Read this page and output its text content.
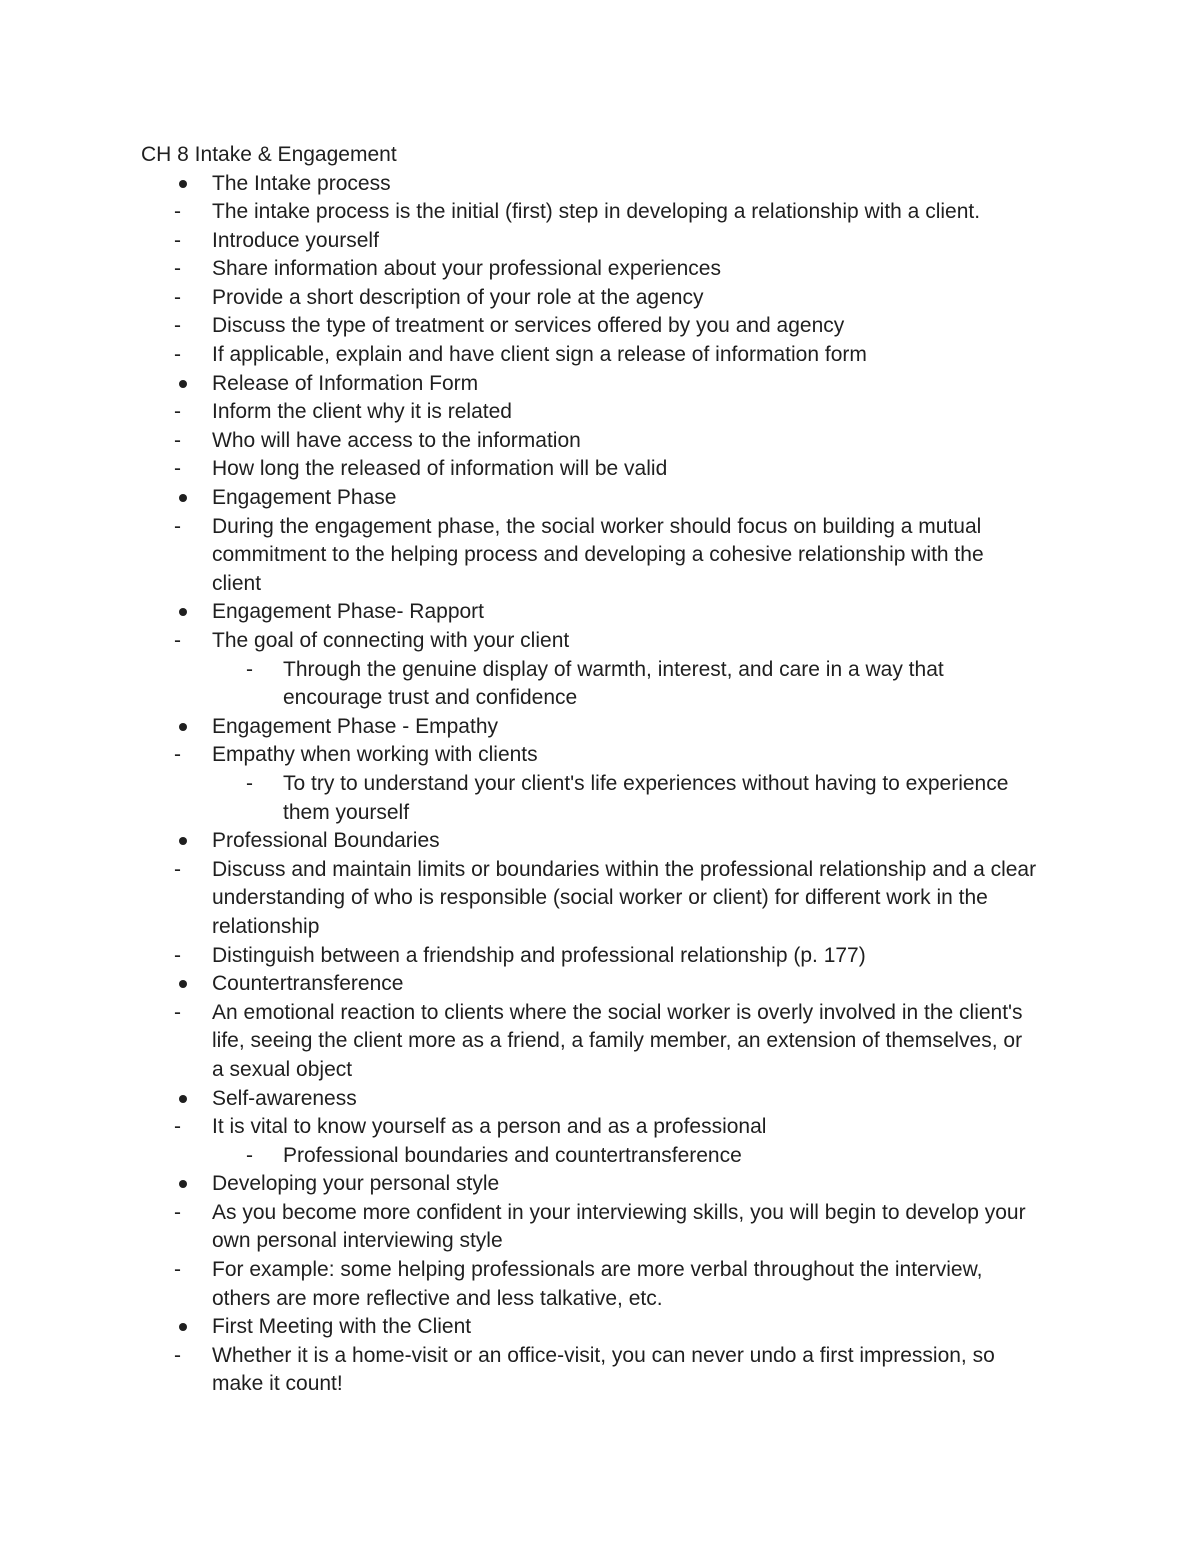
CH 8 Intake & Engagement
The Intake process
- The intake process is the initial (first) step in developing a relationship with a client.
- Introduce yourself
- Share information about your professional experiences
- Provide a short description of your role at the agency
- Discuss the type of treatment or services offered by you and agency
- If applicable, explain and have client sign a release of information form
Release of Information Form
- Inform the client why it is related
- Who will have access to the information
- How long the released of information will be valid
Engagement Phase
- During the engagement phase, the social worker should focus on building a mutual
commitment to the helping process and developing a cohesive relationship with the
client
Engagement Phase- Rapport
- The goal of connecting with your client
- Through the genuine display of warmth, interest, and care in a way that
encourage trust and confidence
Engagement Phase - Empathy
- Empathy when working with clients
- To try to understand your client's life experiences without having to experience
them yourself
Professional Boundaries
- Discuss and maintain limits or boundaries within the professional relationship and a clear
understanding of who is responsible (social worker or client) for different work in the
relationship
- Distinguish between a friendship and professional relationship (p. 177)
Countertransference
- An emotional reaction to clients where the social worker is overly involved in the client's
life, seeing the client more as a friend, a family member, an extension of themselves, or
a sexual object
Self-awareness
- It is vital to know yourself as a person and as a professional
- Professional boundaries and countertransference
Developing your personal style
- As you become more confident in your interviewing skills, you will begin to develop your
own personal interviewing style
- For example: some helping professionals are more verbal throughout the interview,
others are more reflective and less talkative, etc.
First Meeting with the Client
- Whether it is a home-visit or an office-visit, you can never undo a first impression, so
make it count!
